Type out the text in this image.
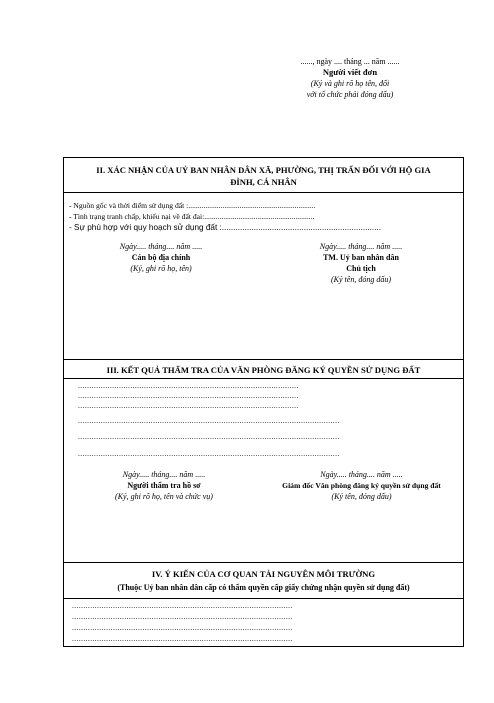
......, ngày .... tháng ... năm ......
Người viết đơn
(Ký và ghi rõ họ tên, đối
với tổ chức phải đóng dấu)
II. XÁC NHẬN CỦA UỶ BAN NHÂN DÂN XÃ, PHƯỜNG, THỊ TRẤN ĐỐI VỚI HỘ GIA
ĐÌNH, CÁ NHÂN
- Nguồn gốc và thời điểm sử dụng đất :...................................................................
- Tình trạng tranh chấp, khiếu nại về đất đai:..........................................................
- Sự phù hợp với quy hoạch sử dụng đất :......................................................................
Ngày..... tháng.... năm .....
Cán bộ địa chính
(Ký, ghi rõ họ, tên)
Ngày..... tháng.... năm .....
TM. Uỷ ban nhân dân
Chủ tịch
(Ký tên, đóng dấu)
III. KẾT QUẢ THẨM TRA CỦA VĂN PHÒNG ĐĂNG KÝ QUYỀN SỬ DỤNG ĐẤT
.................................................................................................
.................................................................................................
.................................................................................................
...................................................................................................................
...................................................................................................................
...................................................................................................................
Ngày..... tháng.... năm .....
Người thẩm tra hồ sơ
(Ký, ghi rõ họ, tên và chức vụ)
Ngày..... tháng.... năm .....
Giám đốc Văn phòng đăng ký quyền sử dụng đất
(Ký tên, đóng dấu)
IV. Ý KIẾN CỦA CƠ QUAN TÀI NGUYÊN MÔI TRƯỜNG
(Thuộc Uỷ ban nhân dân cấp có thẩm quyền cấp giấy chứng nhận quyền sử dụng đất)
.................................................................................................
.................................................................................................
.................................................................................................
.................................................................................................
